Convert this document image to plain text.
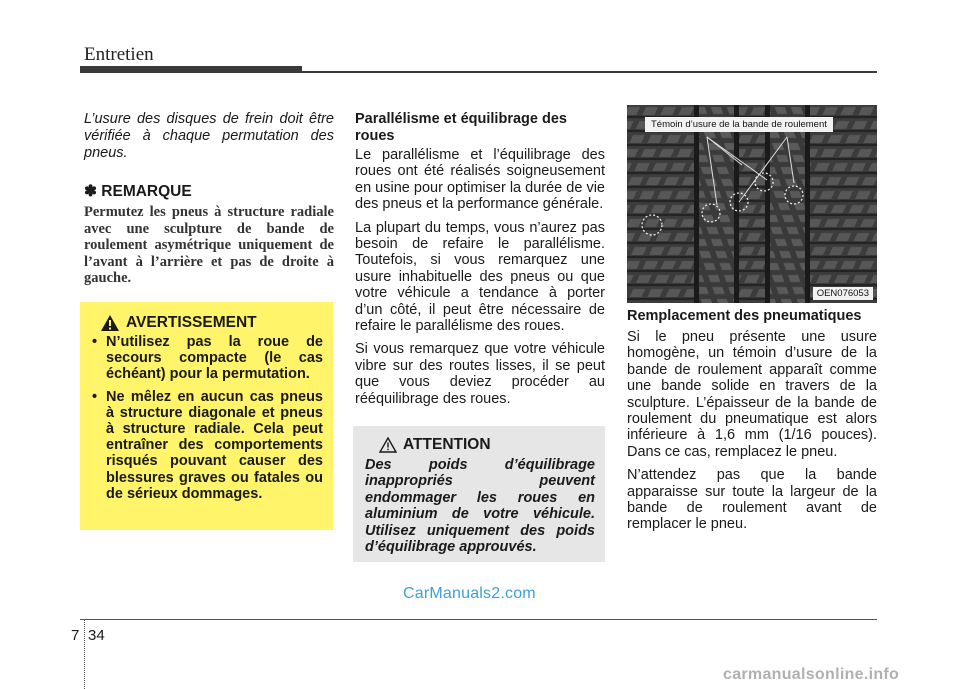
Entretien

L’usure des disques de frein doit être vérifiée à chaque permutation des pneus.

✽ REMARQUE

Permutez les pneus à structure radiale avec une sculpture de bande de roulement asymétrique uniquement de l’avant à l’arrière et pas de droite à gauche.

AVERTISSEMENT
• N’utilisez pas la roue de secours compacte (le cas échéant) pour la permutation.
• Ne mêlez en aucun cas pneus à structure diagonale et pneus à structure radiale. Cela peut entraîner des comportements risqués pouvant causer des blessures graves ou fatales ou de sérieux dommages.
Parallélisme et équilibrage des roues

Le parallélisme et l’équilibrage des roues ont été réalisés soigneusement en usine pour optimiser la durée de vie des pneus et la performance générale.

La plupart du temps, vous n’aurez pas besoin de refaire le parallélisme. Toutefois, si vous remarquez une usure inhabituelle des pneus ou que votre véhicule a tendance à porter d’un côté, il peut être nécessaire de refaire le parallélisme des roues.

Si vous remarquez que votre véhicule vibre sur des routes lisses, il se peut que vous deviez procéder au rééquilibrage des roues.

ATTENTION

Des poids d’équilibrage inappropriés peuvent endommager les roues en aluminium de votre véhicule. Utilisez uniquement des poids d’équilibrage approuvés.

Témoin d’usure de la bande de roulement
OEN076053
Remplacement des pneumatiques

Si le pneu présente une usure homogène, un témoin d’usure de la bande de roulement apparaît comme une bande solide en travers de la sculpture. L’épaisseur de la bande de roulement du pneumatique est alors inférieure à 1,6 mm (1/16 pouces). Dans ce cas, remplacez le pneu.

N’attendez pas que la bande apparaisse sur toute la largeur de la bande de roulement avant de remplacer le pneu.

CarManuals2.com
carmanualsonline.info
7 34
